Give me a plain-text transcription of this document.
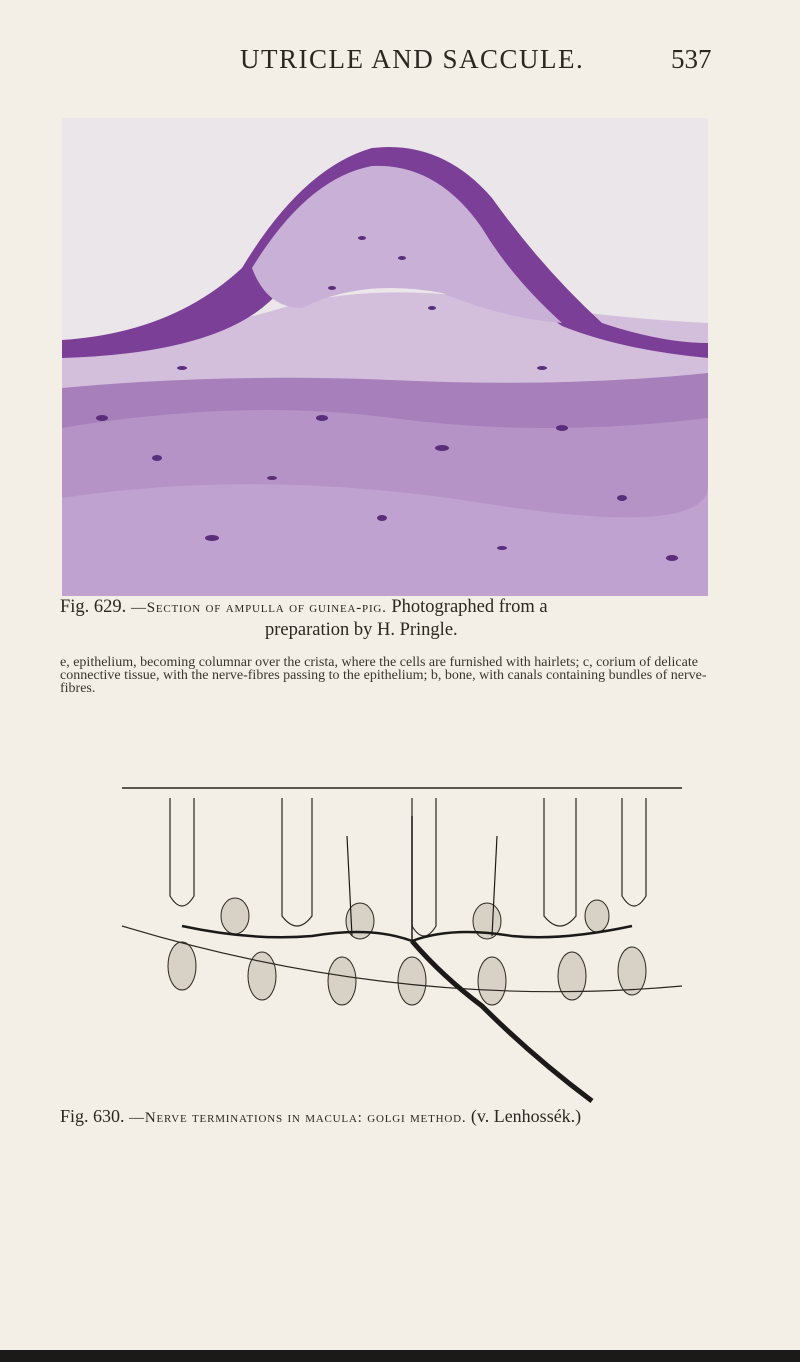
UTRICLE AND SACCULE.	537
Fig. 629. —Section of ampulla of guinea-pig. Photographed from a
preparation by H. Pringle.
e, epithelium, becoming columnar over the crista, where the cells are furnished with hairlets; c, corium of delicate connective tissue, with the nerve-fibres passing to the epithelium; b, bone, with canals containing bundles of nerve-fibres.
Fig. 630. —Nerve terminations in macula: golgi method. (v. Lenhossék.)
